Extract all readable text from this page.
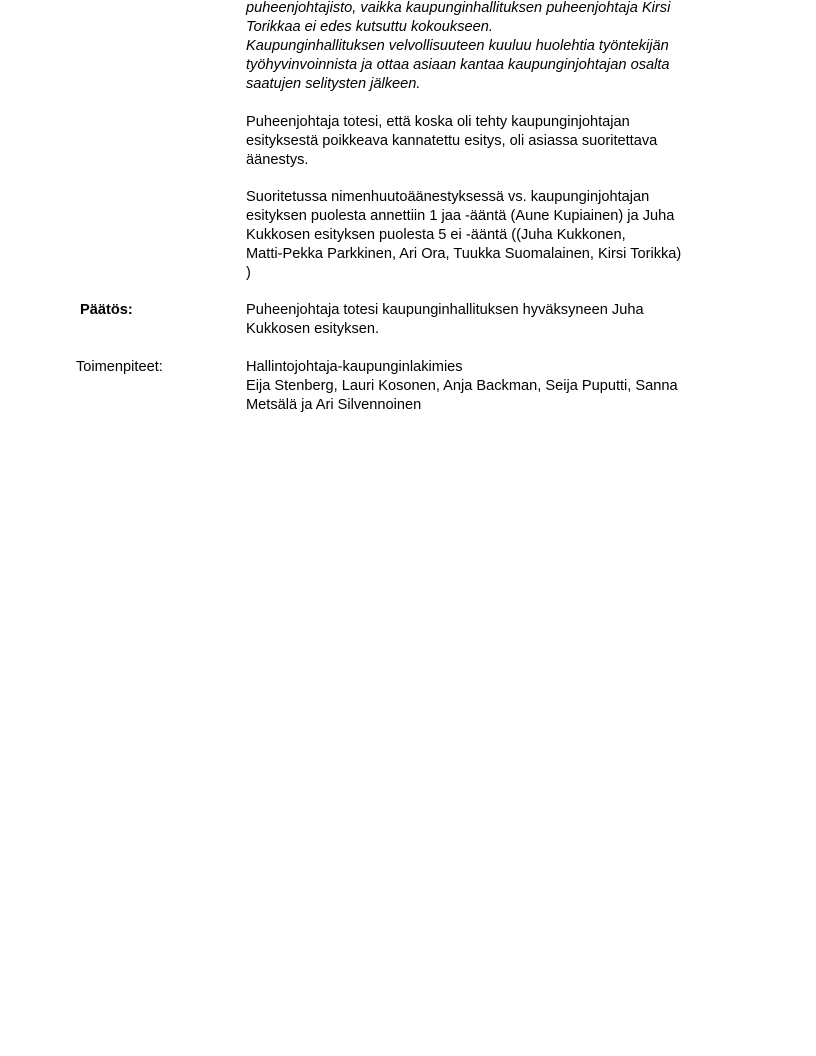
puheenjohtajisto, vaikka kaupunginhallituksen puheenjohtaja Kirsi
Torikkaa ei edes kutsuttu kokoukseen.
Kaupunginhallituksen velvollisuuteen kuuluu huolehtia työntekijän
työhyvinvoinnista ja ottaa asiaan kantaa kaupunginjohtajan osalta
saatujen selitysten jälkeen.
Puheenjohtaja totesi, että koska oli tehty kaupunginjohtajan
esityksestä poikkeava kannatettu esitys, oli asiassa suoritettava
äänestys.
Suoritetussa nimenhuutoäänestyksessä vs. kaupunginjohtajan
esityksen puolesta annettiin 1 jaa -ääntä (Aune Kupiainen) ja Juha
Kukkosen esityksen puolesta 5 ei -ääntä ((Juha Kukkonen,
Matti-Pekka Parkkinen, Ari Ora, Tuukka Suomalainen, Kirsi Torikka)
)
Päätös:	Puheenjohtaja totesi kaupunginhallituksen hyväksyneen Juha
Kukkosen esityksen.
Toimenpiteet:	Hallintojohtaja-kaupunginlakimies
Eija Stenberg, Lauri Kosonen, Anja Backman, Seija Puputti, Sanna
Metsälä ja Ari Silvennoinen
